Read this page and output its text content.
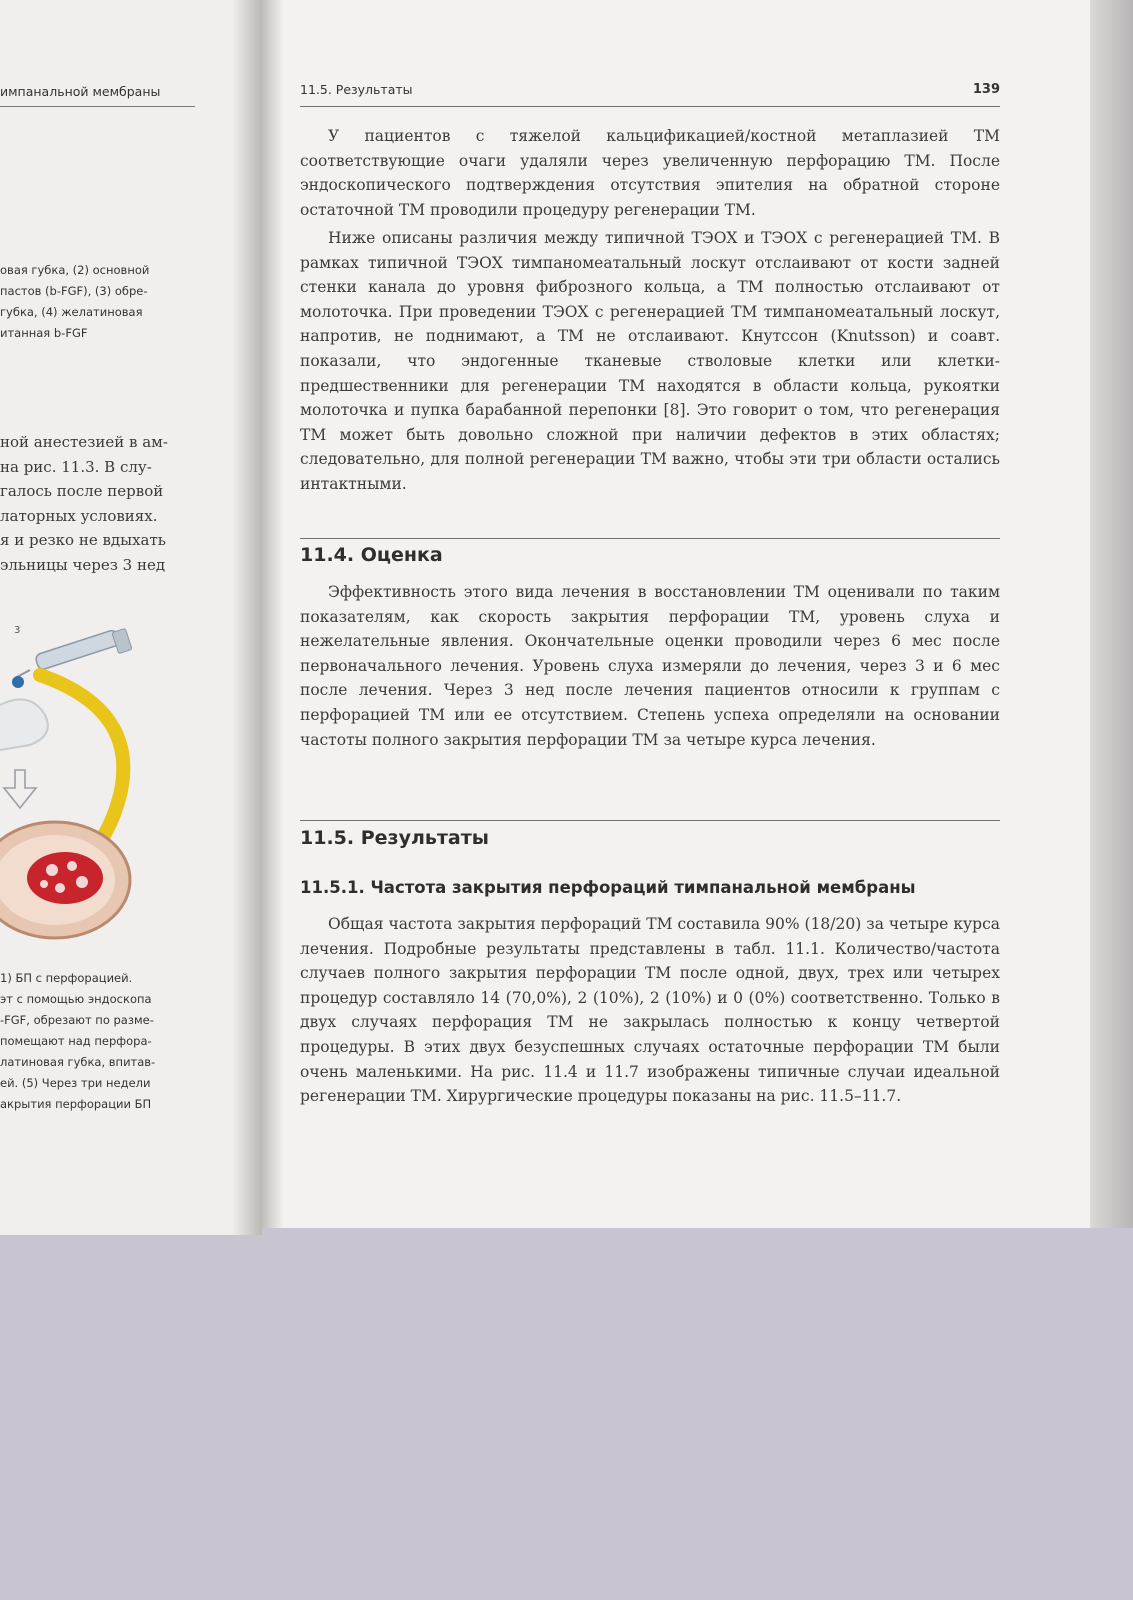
импанальной мембраны
овая губка, (2) основной
пастов (b-FGF), (3) обре-
губка, (4) желатиновая
итанная b-FGF
ной анестезией в ам-
на рис. 11.3. В слу-
галось после первой
латорных условиях.
я и резко не вдыхать
эльницы через 3 нед
3
1) БП с перфорацией.
эт с помощью эндоскопа
-FGF, обрезают по разме-
помещают над перфора-
латиновая губка, впитав-
ей. (5) Через три недели
акрытия перфорации БП
11.5. Результаты	139

У пациентов с тяжелой кальцификацией/костной метаплазией ТМ соответствующие очаги удаляли через увеличенную перфорацию ТМ. После эндоскопического подтверждения отсутствия эпителия на обратной стороне остаточной ТМ проводили процедуру регенерации ТМ.

Ниже описаны различия между типичной ТЭОХ и ТЭОХ с регенерацией ТМ. В рамках типичной ТЭОХ тимпаномеатальный лоскут отслаивают от кости задней стенки канала до уровня фиброзного кольца, а ТМ полностью отслаивают от молоточка. При проведении ТЭОХ с регенерацией ТМ тимпаномеатальный лоскут, напротив, не поднимают, а ТМ не отслаивают. Кнутссон (Knutsson) и соавт. показали, что эндогенные тканевые стволовые клетки или клетки-предшественники для регенерации ТМ находятся в области кольца, рукоятки молоточка и пупка барабанной перепонки [8]. Это говорит о том, что регенерация ТМ может быть довольно сложной при наличии дефектов в этих областях; следовательно, для полной регенерации ТМ важно, чтобы эти три области остались интактными.

11.4. Оценка

Эффективность этого вида лечения в восстановлении ТМ оценивали по таким показателям, как скорость закрытия перфорации ТМ, уровень слуха и нежелательные явления. Окончательные оценки проводили через 6 мес после первоначального лечения. Уровень слуха измеряли до лечения, через 3 и 6 мес после лечения. Через 3 нед после лечения пациентов относили к группам с перфорацией ТМ или ее отсутствием. Степень успеха определяли на основании частоты полного закрытия перфорации ТМ за четыре курса лечения.

11.5. Результаты
11.5.1. Частота закрытия перфораций тимпанальной мембраны

Общая частота закрытия перфораций ТМ составила 90% (18/20) за четыре курса лечения. Подробные результаты представлены в табл. 11.1. Количество/частота случаев полного закрытия перфорации ТМ после одной, двух, трех или четырех процедур составляло 14 (70,0%), 2 (10%), 2 (10%) и 0 (0%) соответственно. Только в двух случаях перфорация ТМ не закрылась полностью к концу четвертой процедуры. В этих двух безуспешных случаях остаточные перфорации ТМ были очень маленькими. На рис. 11.4 и 11.7 изображены типичные случаи идеальной регенерации ТМ. Хирургические процедуры показаны на рис. 11.5–11.7.
